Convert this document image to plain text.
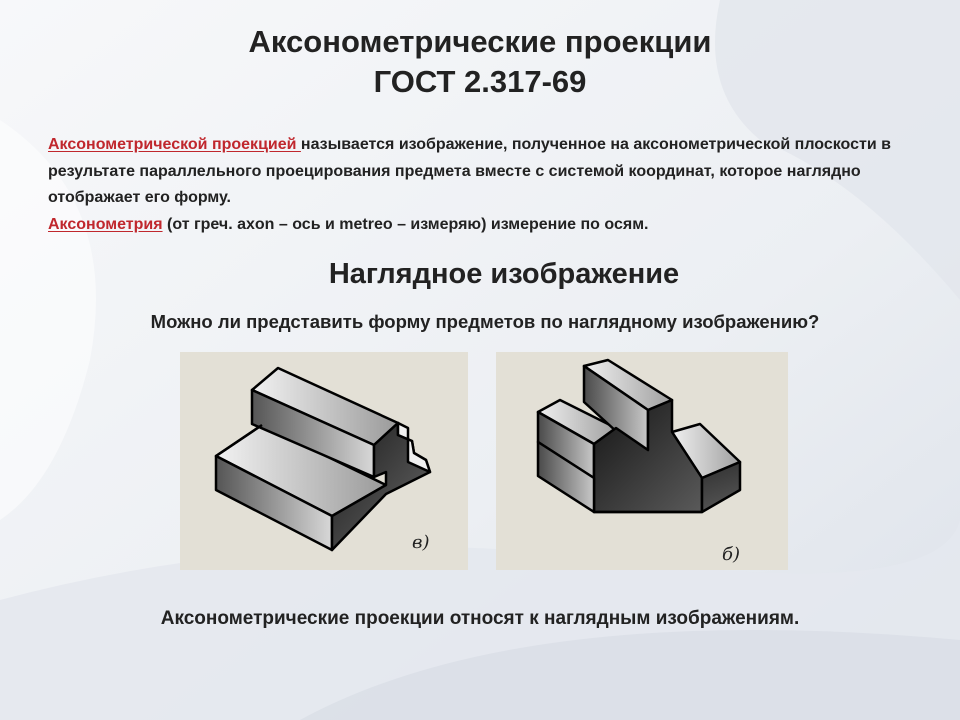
Аксонометрические проекции
ГОСТ 2.317-69
Аксонометрической проекцией называется изображение, полученное на аксонометрической плоскости в результате параллельного проецирования предмета вместе с системой координат, которое наглядно отображает его форму.
Аксонометрия (от греч. axon – ось и metreo – измеряю) измерение по осям.
Наглядное изображение
Можно ли представить форму предметов по наглядному изображению?
в)
б)
Аксонометрические проекции относят к наглядным изображениям.
